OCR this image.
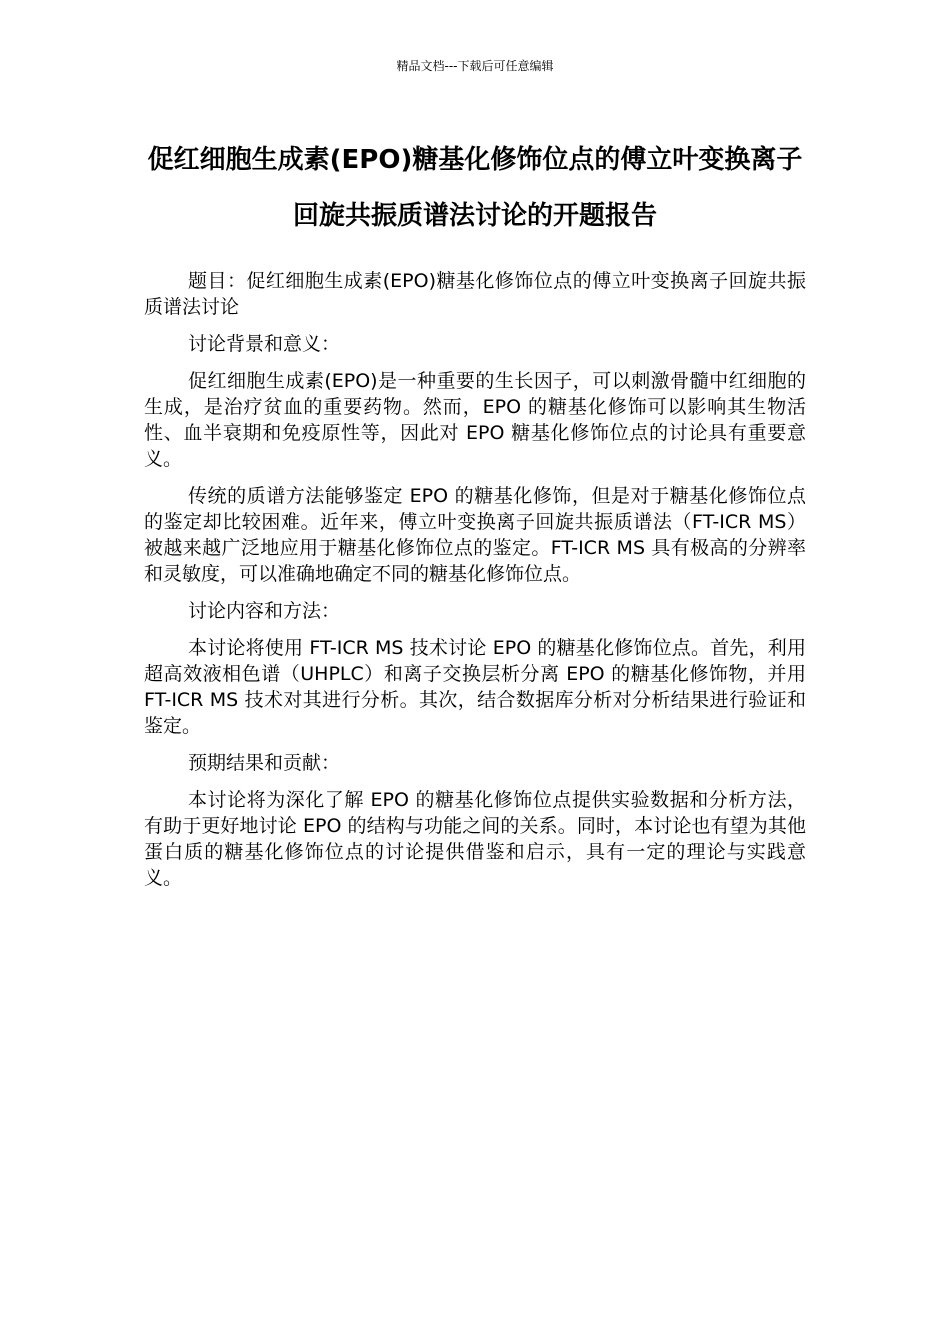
精品文档---下载后可任意编辑
促红细胞生成素(EPO)糖基化修饰位点的傅立叶变换离子回旋共振质谱法讨论的开题报告

题目：促红细胞生成素(EPO)糖基化修饰位点的傅立叶变换离子回旋共振质谱法讨论

讨论背景和意义：

促红细胞生成素(EPO)是一种重要的生长因子，可以刺激骨髓中红细胞的生成，是治疗贫血的重要药物。然而，EPO 的糖基化修饰可以影响其生物活性、血半衰期和免疫原性等，因此对 EPO 糖基化修饰位点的讨论具有重要意义。

传统的质谱方法能够鉴定 EPO 的糖基化修饰，但是对于糖基化修饰位点的鉴定却比较困难。近年来，傅立叶变换离子回旋共振质谱法（FT-ICR MS）被越来越广泛地应用于糖基化修饰位点的鉴定。FT-ICR MS 具有极高的分辨率和灵敏度，可以准确地确定不同的糖基化修饰位点。

讨论内容和方法：

本讨论将使用 FT-ICR MS 技术讨论 EPO 的糖基化修饰位点。首先，利用超高效液相色谱（UHPLC）和离子交换层析分离 EPO 的糖基化修饰物，并用 FT-ICR MS 技术对其进行分析。其次，结合数据库分析对分析结果进行验证和鉴定。

预期结果和贡献：

本讨论将为深化了解 EPO 的糖基化修饰位点提供实验数据和分析方法，有助于更好地讨论 EPO 的结构与功能之间的关系。同时，本讨论也有望为其他蛋白质的糖基化修饰位点的讨论提供借鉴和启示，具有一定的理论与实践意义。
